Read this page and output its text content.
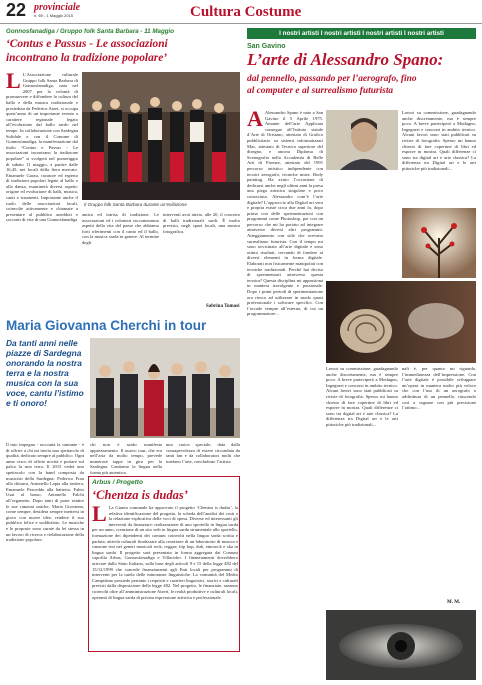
22 provinciale
n. 69 - 1 Maggio 2015	Cultura Costume
Gonnosfanadiga / Gruppo folk Santa Barbara - 11 Maggio
‘Contus e Passus - Le associazioni
incontrano la tradizione popolare’
L L’Associazione culturale Gruppo folk Santa Barbara di Gonnosfanadiga, nata nel 2007 per la volontà di promuovere e diffondere la cultura del ballo e della musica tradizionale e presieduta da Federica Atzei, si occupa quest’anno di un importante evento a carattere regionale legato all’evoluzione dal ballo sardo nel tempo. In collaborazione con Sardegna Solidale e con il Comune di Gonnosfanadiga, la manifestazione dal titolo “Contus e Passus - Le associazioni incontrano la tradizione popolare” si svolgerà nel pomeriggio di sabato 11 maggio, a partire dalle 16,45, nei locali della fiera mercato. Emanuele Garau, curatore ed esperto di tradizioni popolari legate al ballo e alla danza, esaminerà diversi aspetti: origine ed evoluzione di balli, musica, canti e strumenti. Importante anche il ruolo delle associazioni locali, coinvolte attivamente e chiamate a presentare al pubblico aneddoti e racconti di vita di una Gonnosfanadiga
Il Gruppo folk Santa Barbara durante un’esibizione
antica ed intrisa di tradizione. Le associazioni ed i volontari racconteranno aspetti della vita del paese che abbiamo forti riferimenti con il canto ed il ballo, con la musica sarda in genere. Al termine degli
interventi avrà inizio, alle 20, il concerto di balli tradizionali sardi. È molto previsto, negli spazi locali, una mostra fotografica.
Sabrina Tomasi
I nostri artisti I nostri artisti I nostri artisti I nostri artisti
San Gavino
L’arte di Alessandro Spano:
dal pennello, passando per l’aerografo, fino
al computer e al surrealismo futurista
A Alessandro Spano è nato a San Gavino il 5 Aprile 1975. Amante dell’arte Applicata consegue all’Istituto statale d’Arte di Oristano, attestato di Grafico pubblicitario su sistemi informatizzati Mac, attestato di Tecnico superiore del disegno, e ancora Diploma di Scenografia nella Accademia di Belle Arti di Firenze, attestato del 1991 percorso artistico indipendente con tecnici aerografo, tecniche miste. Body painting. Ha avuto l’occasione di dedicarsi anche negli ultimi anni la presa una piega artistica singolare e poco conosciuta. Alessandro com’è l’arte digitale? L’approccio alla Digital art vera e propria esiste circa due anni fa, dopo prima con delle sperimentazioni con programmi come Photoshop, poi con un percorso che mi ha portato ad integrare attraverso diversi altri programmi. Atteggiamento con stile che avevano surrealismo futurista. Con il tempo mi sono avvicinato all’arte digitale e sono ottimi risultati, cercando di fondere ai diversi elementi in forma digitale. Elaborati non fisicamente manipolati con tecniche tradizionali. Perché hai deciso di sperimentarti attraverso questa tecnica? Questa disciplina mi appassiona in maniera travolgente e passionale. Dopo i primi periodi di sperimentazione ora riesco ad utilizzare in modo quasi professionale i software specifici. Con l’accade sempre all’esterno, di cui un programmatore...
Lavori su commissione, guadagnando anche discretamente, ma è sempre poco. A breve parteciperò a Modugno, Ingegneri e concorsi in ambito tecnico. Alcuni lavori sono stati pubblicati su riviste di fotografia. Spesso mi hanno chiesto di fare copertine di libri ed esporre in mostra. Quali differenze ci sono tra digital art e arte classica? La differenza tra Digital art e le arti pittoriche più tradizionali...
nali è, per quanto mi riguarda, l’immediatezza dell’impressione. Con l’arte digitale è possibile sviluppare un’opera in maniera molto più veloce che con l’uso di un aerografo o addirittura di un pennello, riuscendo così a sognare con più precisione l’attimo...
Lavori su commissione, guadagnando anche discretamente, ma è sempre poco. A breve parteciperò a Modugno, Ingegneri e concorsi in ambito tecnico. Alcuni lavori sono stati pubblicati su riviste di fotografia. Spesso mi hanno chiesto di fare copertine di libri ed esporre in mostra. Quali differenze ci sono tra digital art e arte classica? La differenza tra Digital art e le arti pittoriche più tradizionali...
M. M.
Maria Giovanna Cherchi in tour
Da tanti anni nelle piazze di Sardegna onorando la nostra terra e la nostra musica con la sua voce, cantu l’istimo e ti onoro!
Il mio impegno - racconta la cantante - è di offrire a chi mi invita uno spettacolo di qualità, dedicato sempre al pubblico. Ogni anno cerco di offrire novità e portare sul palco la mia terra. Il 2015 vedrà uno spettacolo con la band composta da musicisti della Sardegna: Federico Frau alla chitarra, Antonello Lapia alla tastiera, Emanuele Pascedda alla batteria, Fabio Usai al basso, Antonello Falchi all’organetto. Dopo tanti di poter sentire le sue canzoni uniche, Maria Giovanna, come sempre, desidera sempre mettersi in gioco con nuove idee, rendere il suo pubblico felice e soddisfatto. Le musiche e le proposte sono curate da lei stessa in un lavoro di ricerca e rielaborazione della tradizione popolare.
chi non è sardo manifesta apprezzamento. Il nuovo tour, che era nell’aria da molto tempo, prevede numerose tappe in giro per la Sardegna. Cantiamo la lingua nella forma più autentica.
una carica speciale, data dalla consapevolezza di essere circondata da tanti fan e da collaboratori molti che tutelano l’arte, concludono l’artista.
Arbus / Progetto
‘Chentza is dudas’
L La Giunta comunale ha approvato il progetto ‘Chentza is dudas’, la relativa identificazione del progetto, la scheda dell’analisi dei costi e la relazione esplicativa delle voci di spesa. Diverse ed interessanti gli interventi da finanziare: realizzazione di uno sportello in lingua sarda per un anno, creazione di un sito web in lingua sarda strumentale allo sportello, formazione dei dipendenti dei comuni coinvolti nella lingua sarda scritta e parlata; attività culturali finalizzate alla creazione di un laboratorio di musica e canzone tesi nei generi musicali rock, reggae, hip hop, dub, etnorock e ska in lingua sarda. Il progetto sarà presentato in forma aggregata dai Comuni capofila Arbus, Gonnosfanadiga e Villacidro. I finanziamenti dovrebbero arrivare dallo Stato Italiano, sulla base degli articoli 9 e 15 della legge 482 del 15/12/1999 che concede finanziamenti agli Enti locali per programmi di interventi per la tutela delle minoranze linguistiche. La comunità del Medio Campidano possiede pertanto i requisiti e caratteri linguistici, storici e culturali previsti dalla disposizione della legge 482. Nel progetto, le finanziate, saranno coinvolti oltre all’amministrazione Atzeri, le realtà produttive e culturali locali, operanti di lingua sarda di privata espressione artistica e professionale.
